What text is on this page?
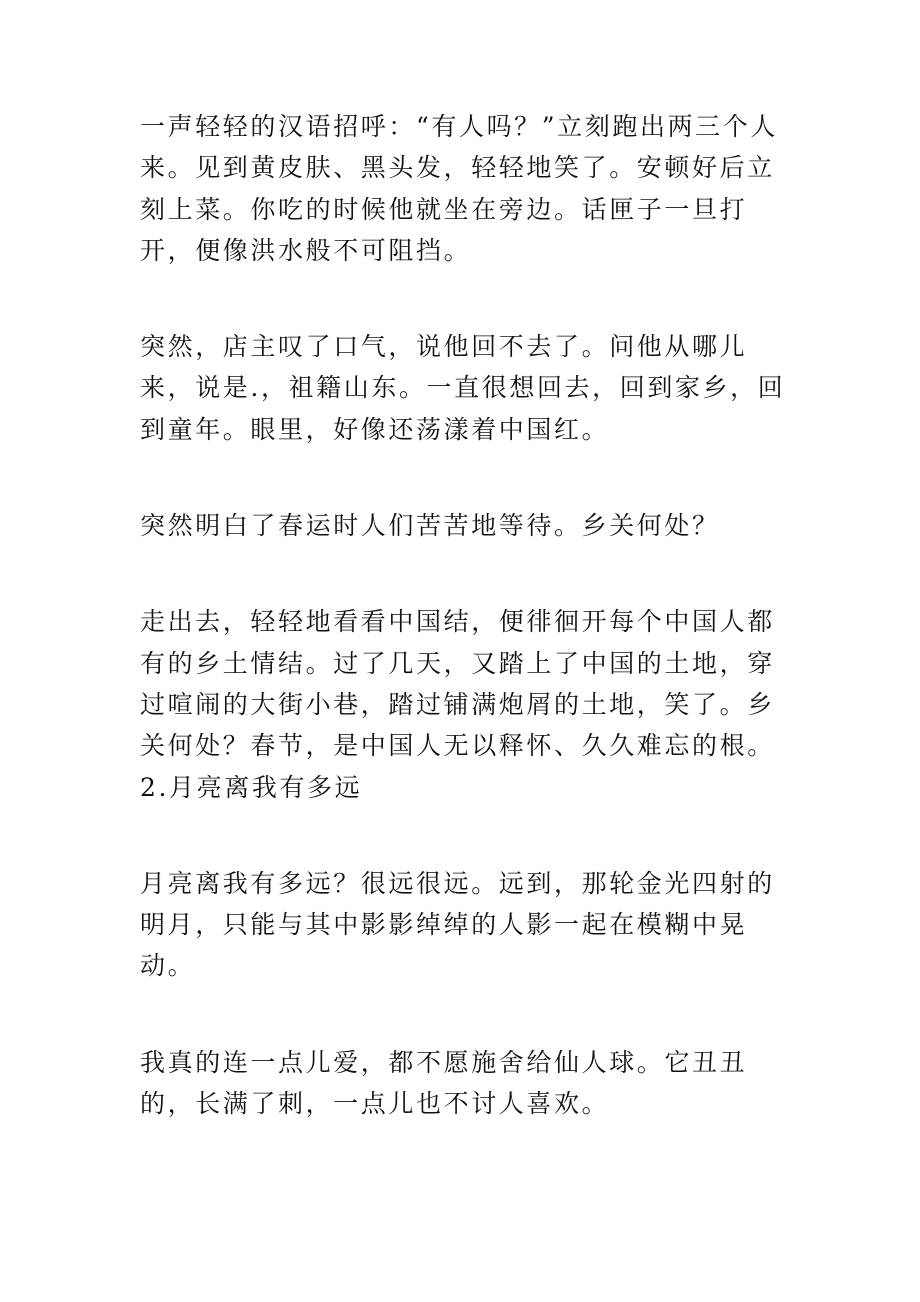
一声轻轻的汉语招呼：“有人吗？”立刻跑出两三个人来。见到黄皮肤、黑头发，轻轻地笑了。安顿好后立刻上菜。你吃的时候他就坐在旁边。话匣子一旦打开，便像洪水般不可阻挡。

突然，店主叹了口气，说他回不去了。问他从哪儿来，说是.，祖籍山东。一直很想回去，回到家乡，回到童年。眼里，好像还荡漾着中国红。

突然明白了春运时人们苦苦地等待。乡关何处？

走出去，轻轻地看看中国结，便徘徊开每个中国人都有的乡土情结。过了几天，又踏上了中国的土地，穿过喧闹的大街小巷，踏过铺满炮屑的土地，笑了。乡关何处？春节，是中国人无以释怀、久久难忘的根。 2.月亮离我有多远

月亮离我有多远？很远很远。远到，那轮金光四射的明月，只能与其中影影绰绰的人影一起在模糊中晃动。

我真的连一点儿爱，都不愿施舍给仙人球。它丑丑的，长满了刺，一点儿也不讨人喜欢。
